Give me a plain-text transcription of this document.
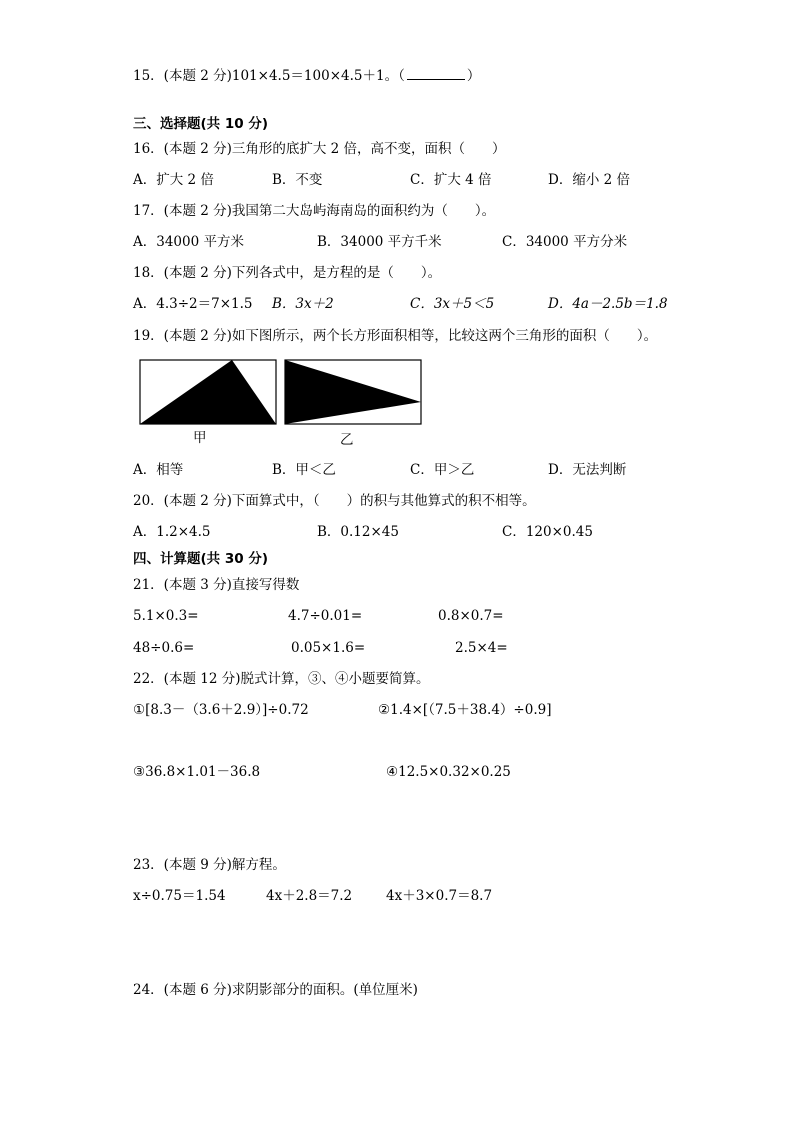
15．(本题 2 分)101×4.5＝100×4.5＋1。（	）
三、选择题(共 10 分)
16．(本题 2 分)三角形的底扩大 2 倍，高不变，面积（　　）
A．扩大 2 倍	B．不变	C．扩大 4 倍	D．缩小 2 倍
17．(本题 2 分)我国第二大岛屿海南岛的面积约为（　　）。
A．34000 平方米	B．34000 平方千米	C．34000 平方分米
18．(本题 2 分)下列各式中，是方程的是（　　）。
A．4.3÷2＝7×1.5 B．3x＋2	C．3x＋5＜5	D．4a－2.5b＝1.8
19．(本题 2 分)如下图所示，两个长方形面积相等，比较这两个三角形的面积（　　）。
甲	乙
A．相等	B．甲＜乙	C．甲＞乙	D．无法判断
20．(本题 2 分)下面算式中，（　　）的积与其他算式的积不相等。
A．1.2×4.5	B．0.12×45	C．120×0.45
四、计算题(共 30 分)
21．(本题 3 分)直接写得数
5.1×0.3=	4.7÷0.01=	0.8×0.7=
48÷0.6=	0.05×1.6=	2.5×4=
22．(本题 12 分)脱式计算，③、④小题要简算。
①[8.3－（3.6＋2.9）]÷0.72	②1.4×[（7.5＋38.4）÷0.9]
③36.8×1.01－36.8	④12.5×0.32×0.25
23．(本题 9 分)解方程。
x÷0.75＝1.54	4x＋2.8＝7.2	4x＋3×0.7＝8.7
24．(本题 6 分)求阴影部分的面积。(单位厘米)
